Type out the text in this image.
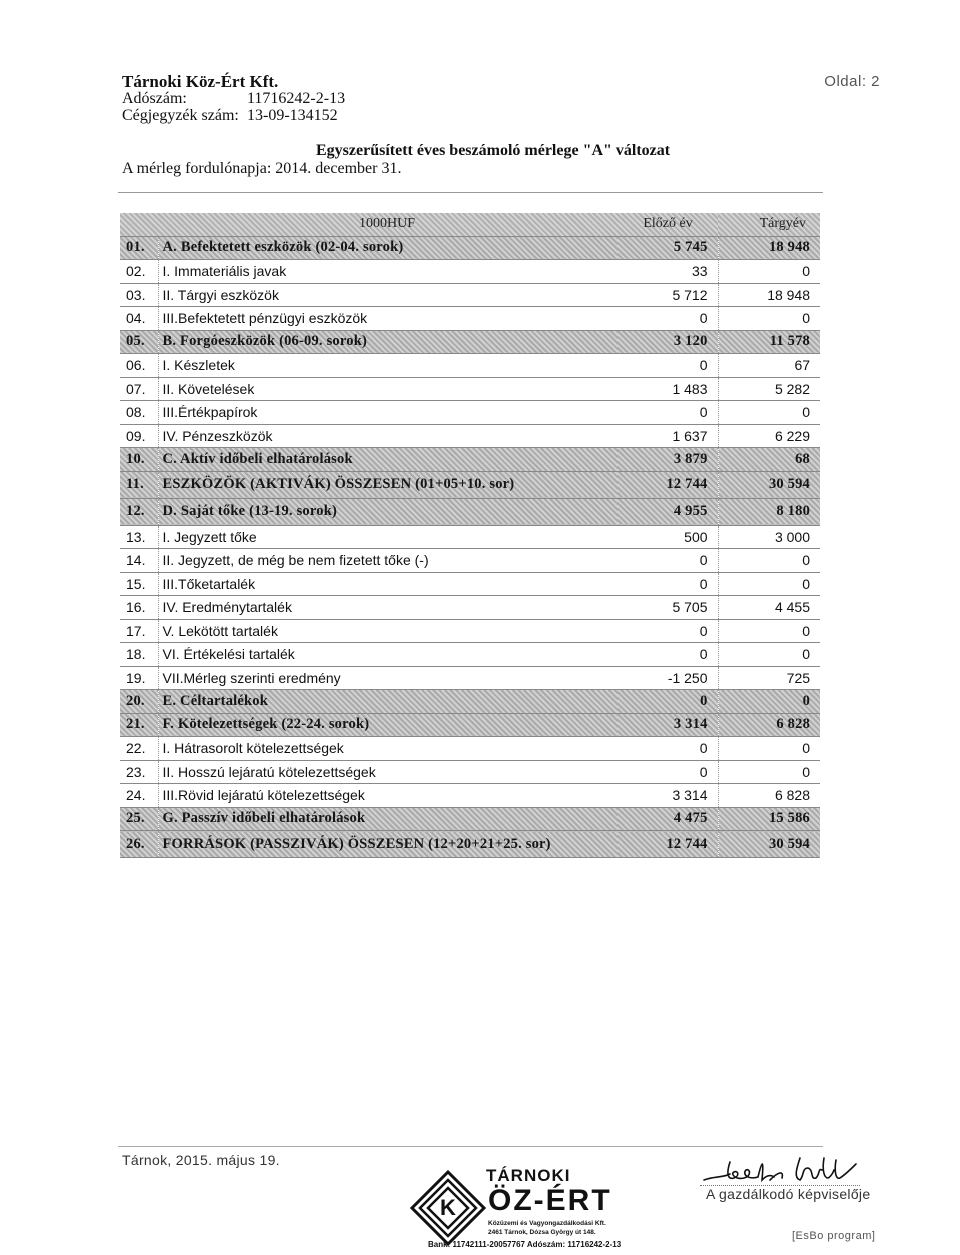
Tárnoki Köz-Ért Kft.
Adószám:	11716242-2-13
Cégjegyzék szám: 13-09-134152
Oldal: 2
Egyszerűsített éves beszámoló mérlege "A" változat
A mérleg fordulónapja: 2014. december 31.
1000HUF		Előző év	Tárgyév
01.	A. Befektetett eszközök (02-04. sorok)	5 745	18 948
02.	I. Immateriális javak	33	0
03.	II. Tárgyi eszközök	5 712	18 948
04.	III.Befektetett pénzügyi eszközök	0	0
05.	B. Forgóeszközök (06-09. sorok)	3 120	11 578
06.	I. Készletek	0	67
07.	II. Követelések	1 483	5 282
08.	III.Értékpapírok	0	0
09.	IV. Pénzeszközök	1 637	6 229
10.	C. Aktív időbeli elhatárolások	3 879	68
11.	ESZKÖZÖK (AKTIVÁK) ÖSSZESEN (01+05+10. sor)	12 744	30 594
12.	D. Saját tőke (13-19. sorok)	4 955	8 180
13.	I. Jegyzett tőke	500	3 000
14.	II. Jegyzett, de még be nem fizetett tőke (-)	0	0
15.	III.Tőketartalék	0	0
16.	IV. Eredménytartalék	5 705	4 455
17.	V. Lekötött tartalék	0	0
18.	VI. Értékelési tartalék	0	0
19.	VII.Mérleg szerinti eredmény	-1 250	725
20.	E. Céltartalékok	0	0
21.	F. Kötelezettségek (22-24. sorok)	3 314	6 828
22.	I. Hátrasorolt kötelezettségek	0	0
23.	II. Hosszú lejáratú kötelezettségek	0	0
24.	III.Rövid lejáratú kötelezettségek	3 314	6 828
25.	G. Passzív időbeli elhatárolások	4 475	15 586
26.	FORRÁSOK (PASSZIVÁK) ÖSSZESEN (12+20+21+25. sor)	12 744	30 594
Tárnok, 2015. május 19.
K
TÁRNOKI
ÖZ-ÉRT
Közüzemi és Vagyongazdálkodási Kft.
2461 Tárnok, Dózsa György út 148.
Bank: 11742111-20057767 Adószám: 11716242-2-13
A gazdálkodó képviselője
[EsBo program]
